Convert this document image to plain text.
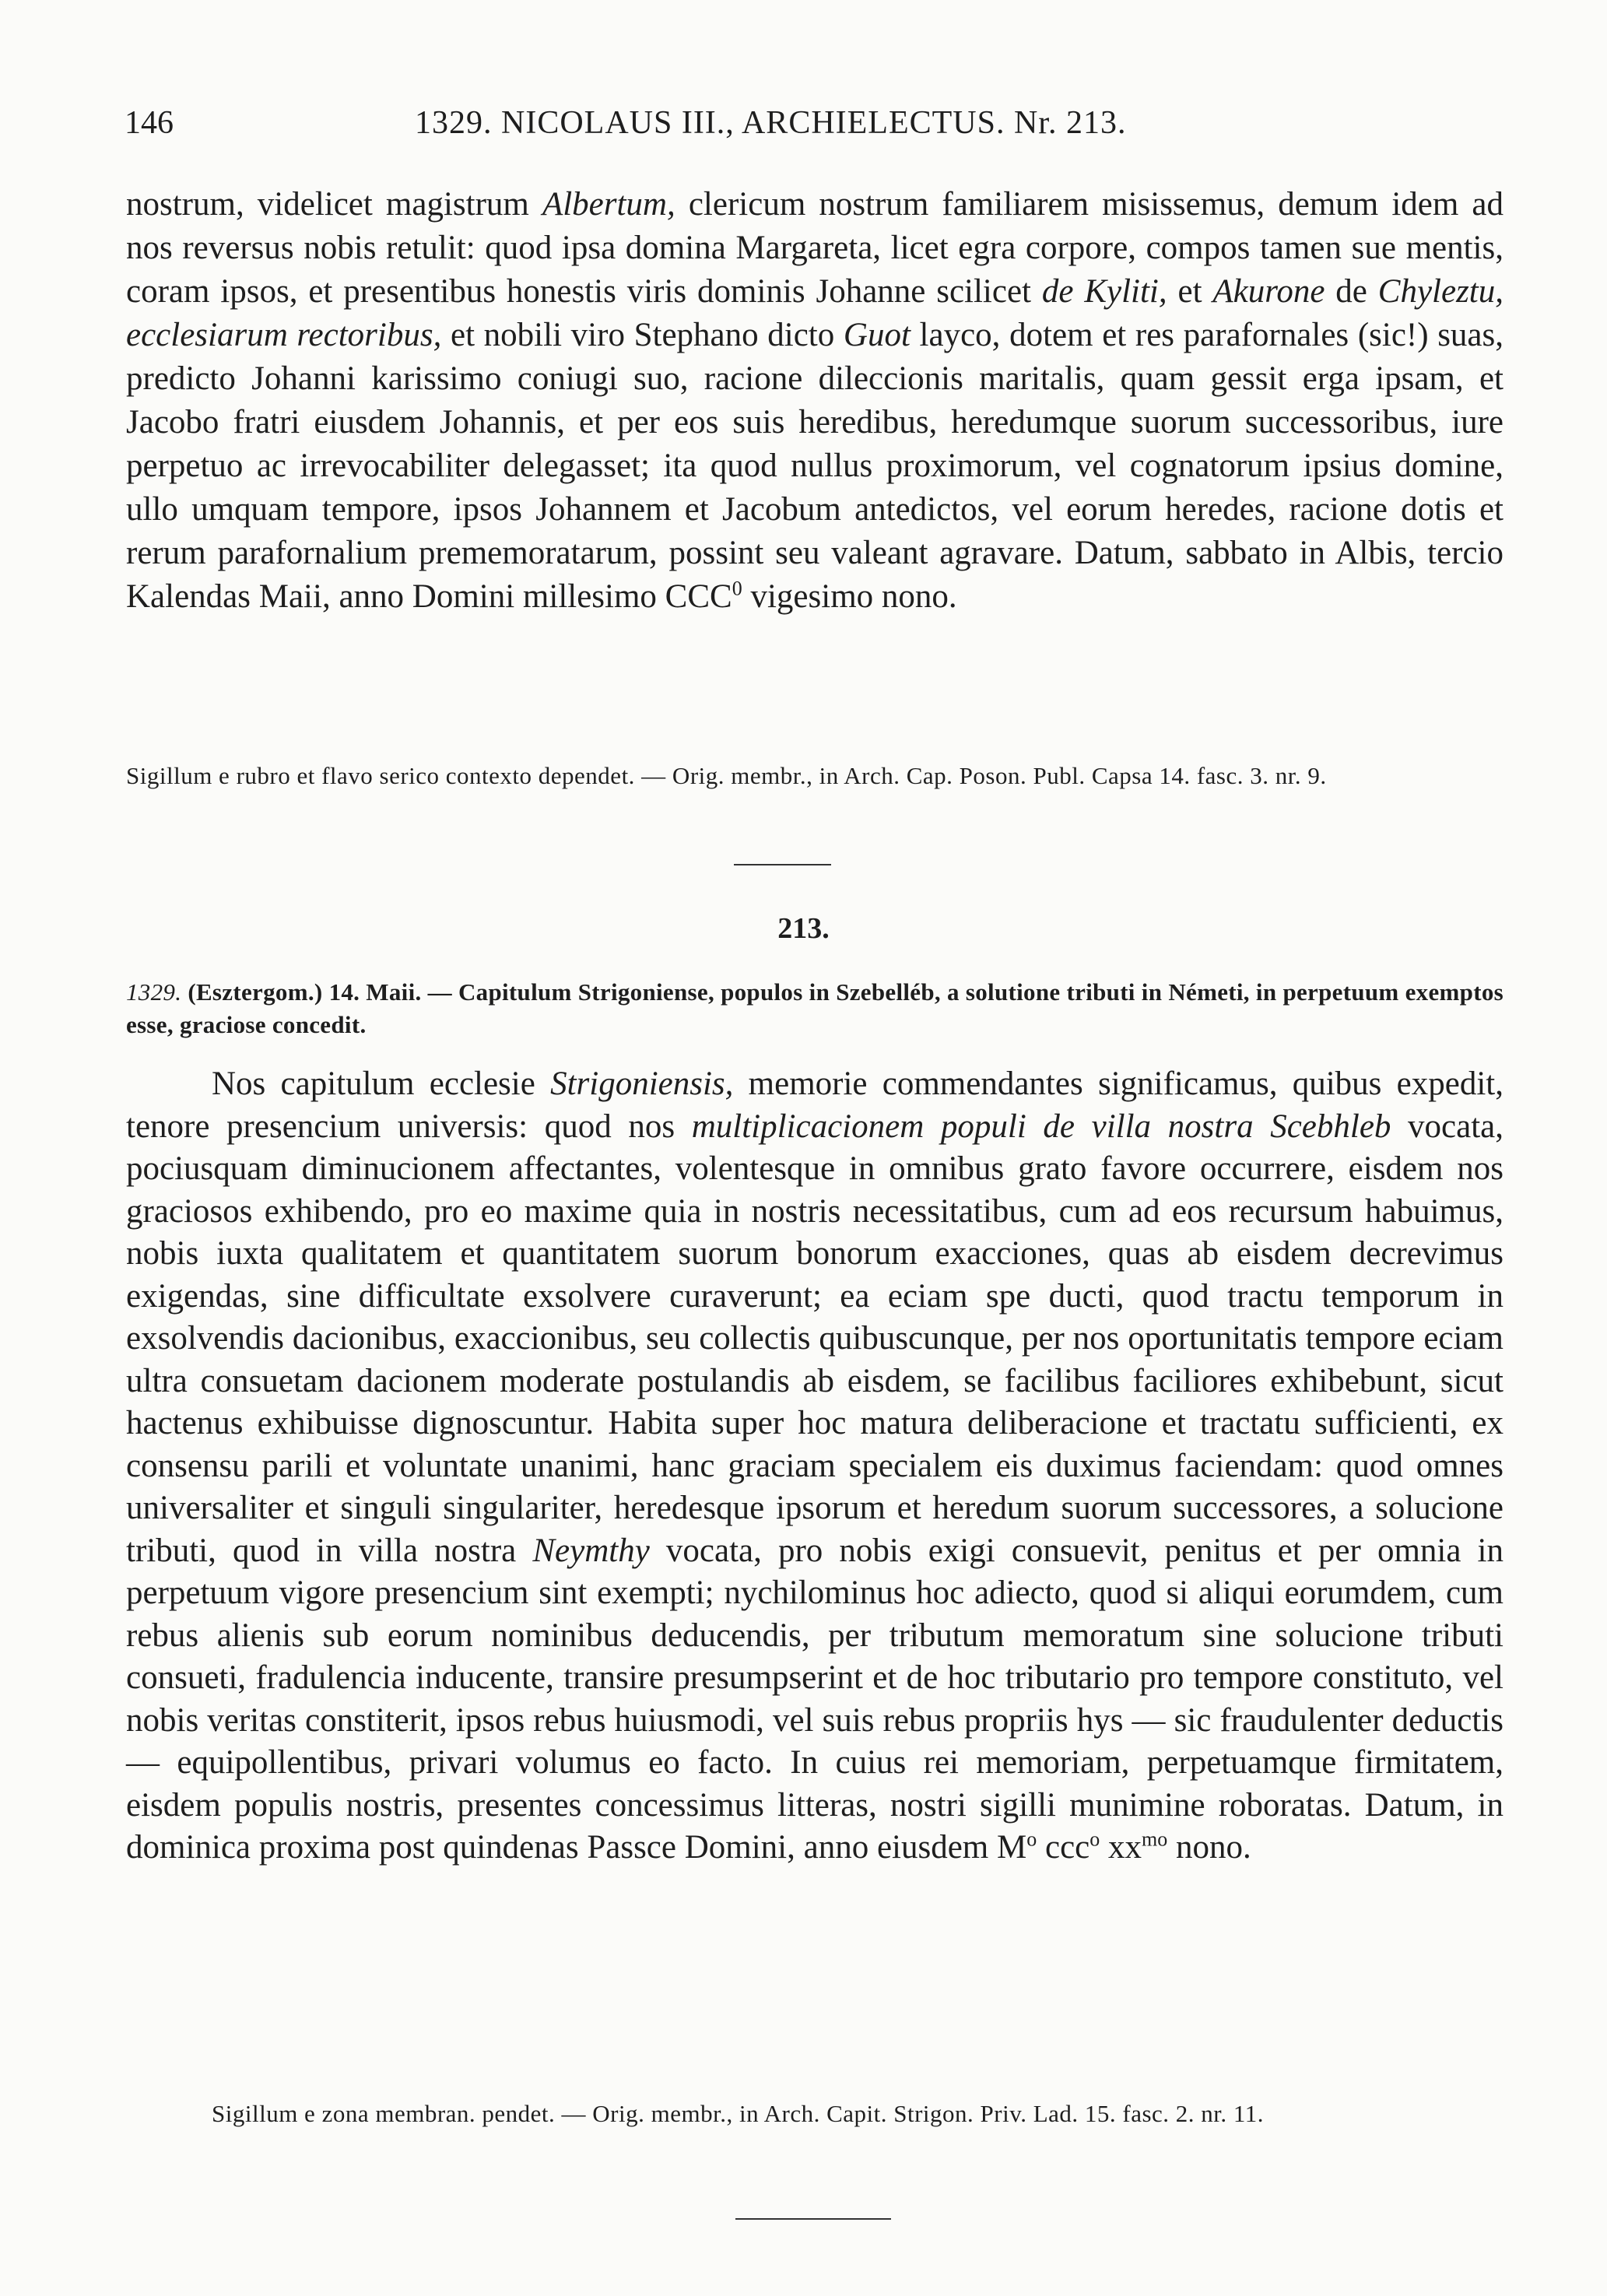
146	1329. NICOLAUS III., ARCHIELECTUS. Nr. 213.
nostrum, videlicet magistrum Albertum, clericum nostrum familiarem misissemus, demum idem ad nos reversus nobis retulit: quod ipsa domina Margareta, licet egra corpore, compos tamen sue mentis, coram ipsos, et presentibus honestis viris dominis Johanne scilicet de Kyliti, et Akurone de Chyleztu, ecclesiarum rectoribus, et nobili viro Stephano dicto Guot layco, dotem et res parafornales (sic!) suas, predicto Johanni karissimo coniugi suo, racione dileccionis maritalis, quam gessit erga ipsam, et Jacobo fratri eiusdem Johannis, et per eos suis heredibus, heredumque suorum successoribus, iure perpetuo ac irrevocabiliter delegasset; ita quod nullus proximorum, vel cognatorum ipsius domine, ullo umquam tempore, ipsos Johannem et Jacobum antedictos, vel eorum heredes, racione dotis et rerum parafornalium prememoratarum, possint seu valeant agravare. Datum, sabbato in Albis, tercio Kalendas Maii, anno Domini millesimo CCC$^0$ vigesimo nono.
Sigillum e rubro et flavo serico contexto dependet. — Orig. membr., in Arch. Cap. Poson. Publ. Capsa 14. fasc. 3. nr. 9.
213.
1329. (Esztergom.) 14. Maii. — Capitulum Strigoniense, populos in Szebelléb, a solutione tributi in Németi, in perpetuum exemptos esse, graciose concedit.
Nos capitulum ecclesie Strigoniensis, memorie commendantes significamus, quibus expedit, tenore presencium universis: quod nos multiplicacionem populi de villa nostra Scebhleb vocata, pociusquam diminucionem affectantes, volentesque in omnibus grato favore occurrere, eisdem nos graciosos exhibendo, pro eo maxime quia in nostris necessitatibus, cum ad eos recursum habuimus, nobis iuxta qualitatem et quantitatem suorum bonorum exacciones, quas ab eisdem decrevimus exigendas, sine difficultate exsolvere curaverunt; ea eciam spe ducti, quod tractu temporum in exsolvendis dacionibus, exaccionibus, seu collectis quibuscunque, per nos oportunitatis tempore eciam ultra consuetam dacionem moderate postulandis ab eisdem, se facilibus faciliores exhibebunt, sicut hactenus exhibuisse dignoscuntur. Habita super hoc matura deliberacione et tractatu sufficienti, ex consensu parili et voluntate unanimi, hanc graciam specialem eis duximus faciendam: quod omnes universaliter et singuli singulariter, heredesque ipsorum et heredum suorum successores, a solucione tributi, quod in villa nostra Neymthy vocata, pro nobis exigi consuevit, penitus et per omnia in perpetuum vigore presencium sint exempti; nychilominus hoc adiecto, quod si aliqui eorumdem, cum rebus alienis sub eorum nominibus deducendis, per tributum memoratum sine solucione tributi consueti, fradulencia inducente, transire presumpserint et de hoc tributario pro tempore constituto, vel nobis veritas constiterit, ipsos rebus huiusmodi, vel suis rebus propriis hys — sic fraudulenter deductis — equipollentibus, privari volumus eo facto. In cuius rei memoriam, perpetuamque firmitatem, eisdem populis nostris, presentes concessimus litteras, nostri sigilli munimine roboratas. Datum, in dominica proxima post quindenas Passce Domini, anno eiusdem $M^o$ ccc$^o$ $xx^{mo}$ nono.
Sigillum e zona membran. pendet. — Orig. membr., in Arch. Capit. Strigon. Priv. Lad. 15. fasc. 2. nr. 11.
